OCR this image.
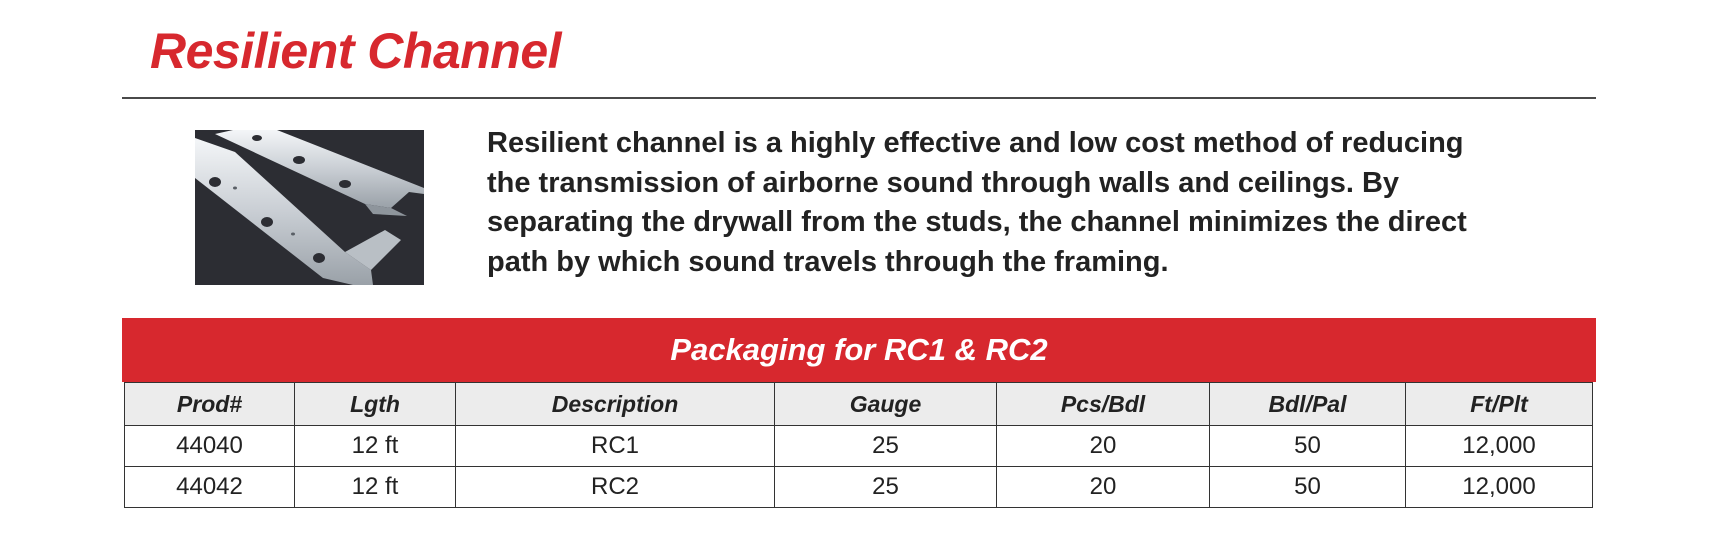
Resilient Channel

Resilient channel is a highly effective and low cost method of reducing the transmission of airborne sound through walls and ceilings. By separating the drywall from the studs, the channel minimizes the direct path by which sound travels through the framing.

Packaging for RC1 & RC2
Prod#	Lgth	Description	Gauge	Pcs/Bdl	Bdl/Pal	Ft/Plt
44040	12 ft	RC1	25	20	50	12,000
44042	12 ft	RC2	25	20	50	12,000
